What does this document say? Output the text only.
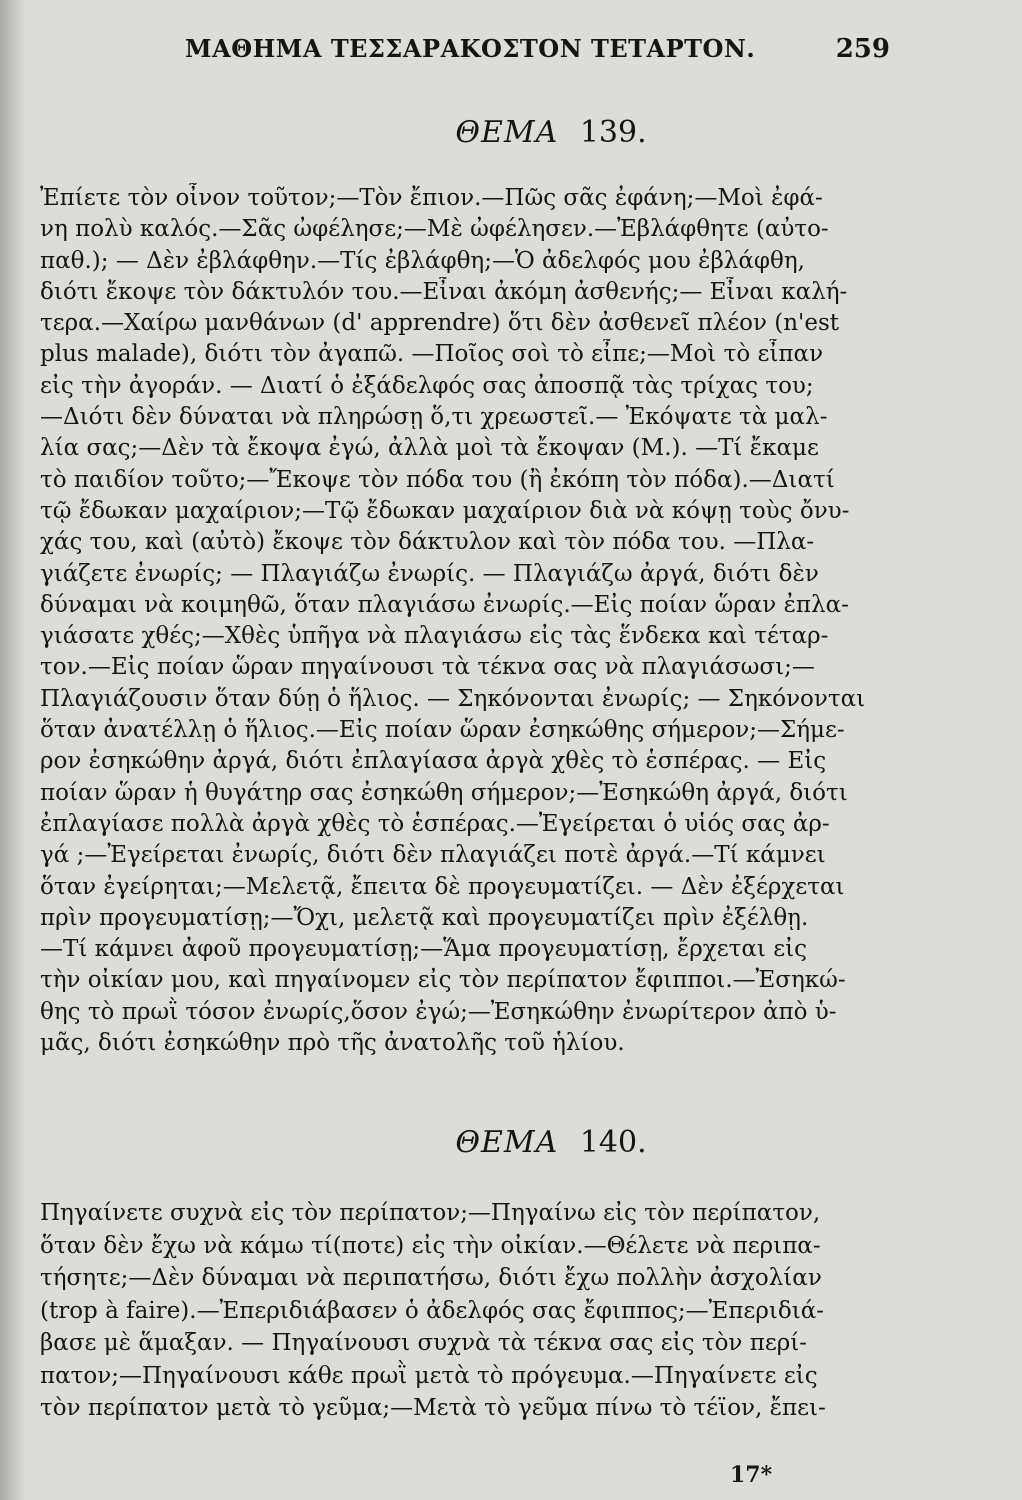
ΜΑΘΗΜΑ ΤΕΣΣΑΡΑΚΟΣΤΟΝ ΤΕΤΑΡΤΟΝ.	259
ΘΕΜΑ 139.
Ἐπίετε τὸν οἶνον τοῦτον;—Τὸν ἔπιον.—Πῶς σᾶς ἐφάνη;—Μοὶ ἐφά-
νη πολὺ καλός.—Σᾶς ὠφέλησε;—Μὲ ὠφέλησεν.—Ἐβλάφθητε (αὐτο-
παθ.); — Δὲν ἐβλάφθην.—Τίς ἐβλάφθη;—Ὁ ἀδελφός μου ἐβλάφθη,
διότι ἔκοψε τὸν δάκτυλόν του.—Εἶναι ἀκόμη ἀσθενής;— Εἶναι καλή-
τερα.—Χαίρω μανθάνων (d' apprendre) ὅτι δὲν ἀσθενεῖ πλέον (n'est
plus malade), διότι τὸν ἀγαπῶ. —Ποῖος σοὶ τὸ εἶπε;—Μοὶ τὸ εἶπαν
εἰς τὴν ἀγοράν. — Διατί ὁ ἐξάδελφός σας ἀποσπᾷ τὰς τρίχας του;
—Διότι δὲν δύναται νὰ πληρώσῃ ὅ,τι χρεωστεῖ.— Ἐκόψατε τὰ μαλ-
λία σας;—Δὲν τὰ ἔκοψα ἐγώ, ἀλλὰ μοὶ τὰ ἔκοψαν (Μ.). —Τί ἔκαμε
τὸ παιδίον τοῦτο;—Ἔκοψε τὸν πόδα του (ἢ ἐκόπη τὸν πόδα).—Διατί
τῷ ἔδωκαν μαχαίριον;—Τῷ ἔδωκαν μαχαίριον διὰ νὰ κόψῃ τοὺς ὄνυ-
χάς του, καὶ (αὐτὸ) ἔκοψε τὸν δάκτυλον καὶ τὸν πόδα του. —Πλα-
γιάζετε ἐνωρίς; — Πλαγιάζω ἐνωρίς. — Πλαγιάζω ἀργά, διότι δὲν
δύναμαι νὰ κοιμηθῶ, ὅταν πλαγιάσω ἐνωρίς.—Εἰς ποίαν ὥραν ἐπλα-
γιάσατε χθές;—Χθὲς ὑπῆγα νὰ πλαγιάσω εἰς τὰς ἕνδεκα καὶ τέταρ-
τον.—Εἰς ποίαν ὥραν πηγαίνουσι τὰ τέκνα σας νὰ πλαγιάσωσι;—
Πλαγιάζουσιν ὅταν δύῃ ὁ ἥλιος. — Σηκόνονται ἐνωρίς; — Σηκόνονται
ὅταν ἀνατέλλῃ ὁ ἥλιος.—Εἰς ποίαν ὥραν ἐσηκώθης σήμερον;—Σήμε-
ρον ἐσηκώθην ἀργά, διότι ἐπλαγίασα ἀργὰ χθὲς τὸ ἑσπέρας. — Εἰς
ποίαν ὥραν ἡ θυγάτηρ σας ἐσηκώθη σήμερον;—Ἐσηκώθη ἀργά, διότι
ἐπλαγίασε πολλὰ ἀργὰ χθὲς τὸ ἑσπέρας.—Ἐγείρεται ὁ υἱός σας ἀρ-
γά ;—Ἐγείρεται ἐνωρίς, διότι δὲν πλαγιάζει ποτὲ ἀργά.—Τί κάμνει
ὅταν ἐγείρηται;—Μελετᾷ, ἔπειτα δὲ προγευματίζει. — Δὲν ἐξέρχεται
πρὶν προγευματίσῃ;—Ὄχι, μελετᾷ καὶ προγευματίζει πρὶν ἐξέλθῃ.
—Τί κάμνει ἀφοῦ προγευματίσῃ;—Ἅμα προγευματίσῃ, ἔρχεται εἰς
τὴν οἰκίαν μου, καὶ πηγαίνομεν εἰς τὸν περίπατον ἔφιπποι.—Ἐσηκώ-
θης τὸ πρωῒ τόσον ἐνωρίς,ὅσον ἐγώ;—Ἐσηκώθην ἐνωρίτερον ἀπὸ ὑ-
μᾶς, διότι ἐσηκώθην πρὸ τῆς ἀνατολῆς τοῦ ἡλίου.
ΘΕΜΑ 140.
Πηγαίνετε συχνὰ εἰς τὸν περίπατον;—Πηγαίνω εἰς τὸν περίπατον,
ὅταν δὲν ἔχω νὰ κάμω τί(ποτε) εἰς τὴν οἰκίαν.—Θέλετε νὰ περιπα-
τήσητε;—Δὲν δύναμαι νὰ περιπατήσω, διότι ἔχω πολλὴν ἀσχολίαν
(trop à faire).—Ἐπεριδιάβασεν ὁ ἀδελφός σας ἔφιππος;—Ἐπεριδιά-
βασε μὲ ἅμαξαν. — Πηγαίνουσι συχνὰ τὰ τέκνα σας εἰς τὸν περί-
πατον;—Πηγαίνουσι κάθε πρωῒ μετὰ τὸ πρόγευμα.—Πηγαίνετε εἰς
τὸν περίπατον μετὰ τὸ γεῦμα;—Μετὰ τὸ γεῦμα πίνω τὸ τέϊον, ἔπει-
17*
